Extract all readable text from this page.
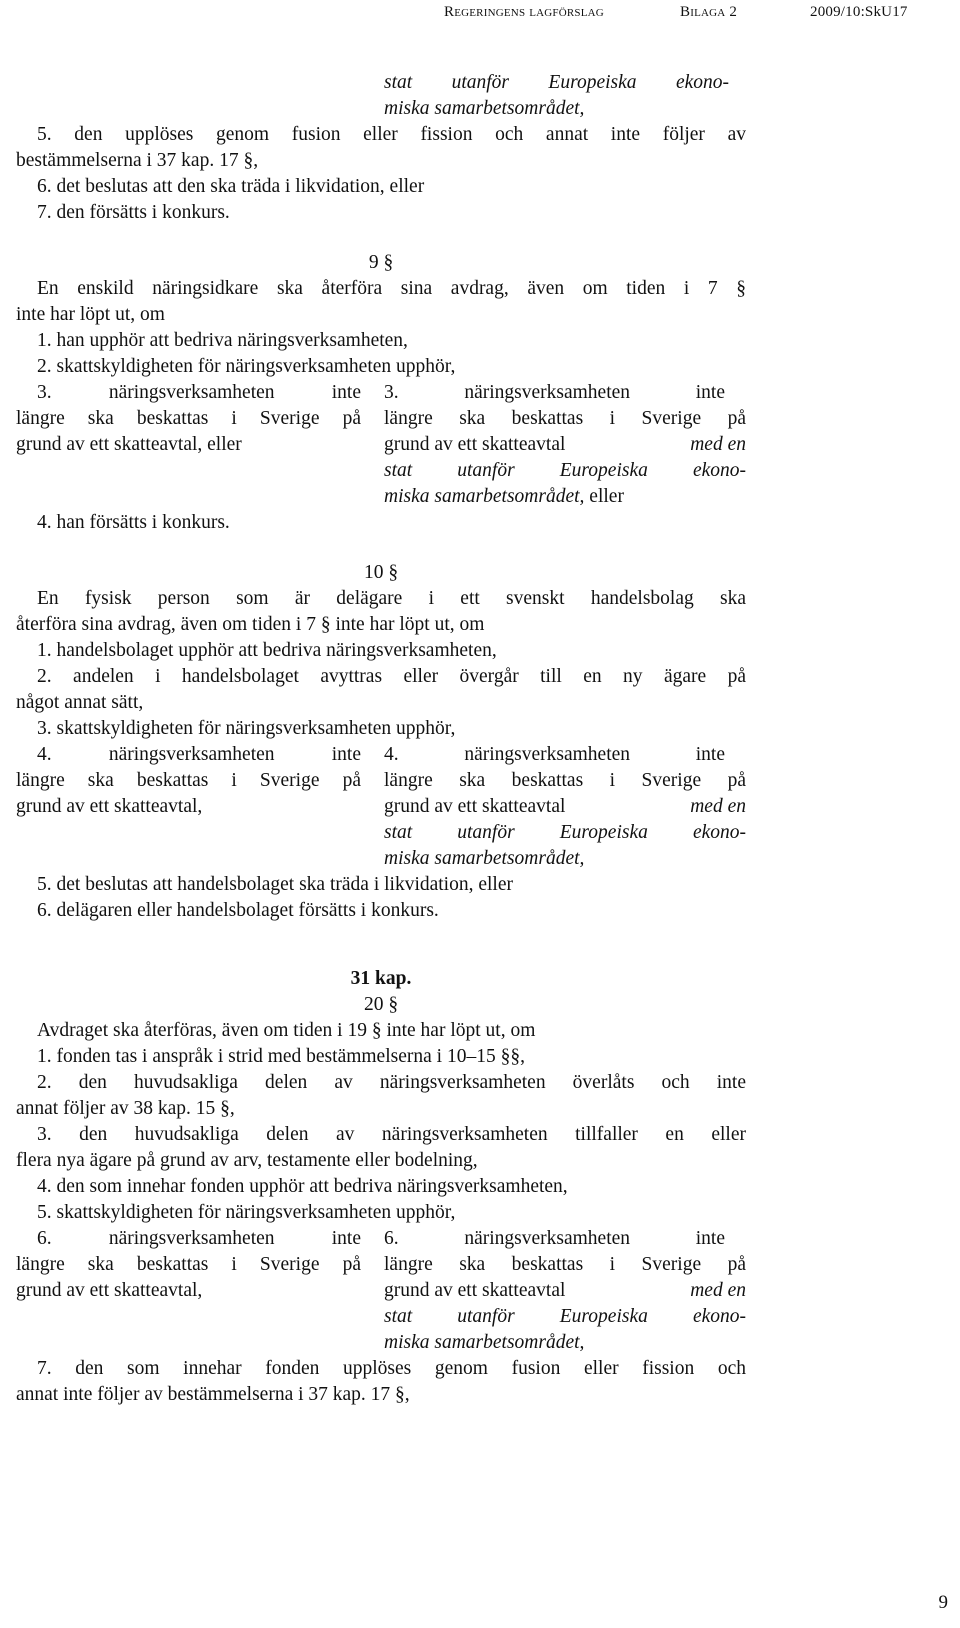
Regeringens lagförslag	Bilaga 2	2009/10:SkU17
stat utanför Europeiska ekono-
miska samarbetsområdet,
5. den upplöses genom fusion eller fission och annat inte följer av
bestämmelserna i 37 kap. 17 §,
6. det beslutas att den ska träda i likvidation, eller
7. den försätts i konkurs.
9 §
En enskild näringsidkare ska återföra sina avdrag, även om tiden i 7 §
inte har löpt ut, om
1. han upphör att bedriva näringsverksamheten,
2. skattskyldigheten för näringsverksamheten upphör,
3. näringsverksamheten inte
längre ska beskattas i Sverige på
grund av ett skatteavtal, eller
3. näringsverksamheten inte
längre ska beskattas i Sverige på
grund av ett skatteavtal	med en
stat utanför Europeiska ekono-
miska samarbetsområdet, eller
4. han försätts i konkurs.
10 §
En fysisk person som är delägare i ett svenskt handelsbolag ska
återföra sina avdrag, även om tiden i 7 § inte har löpt ut, om
1. handelsbolaget upphör att bedriva näringsverksamheten,
2. andelen i handelsbolaget avyttras eller övergår till en ny ägare på
något annat sätt,
3. skattskyldigheten för näringsverksamheten upphör,
4. näringsverksamheten inte
längre ska beskattas i Sverige på
grund av ett skatteavtal,
4. näringsverksamheten inte
längre ska beskattas i Sverige på
grund av ett skatteavtal	med en
stat utanför Europeiska ekono-
miska samarbetsområdet,
5. det beslutas att handelsbolaget ska träda i likvidation, eller
6. delägaren eller handelsbolaget försätts i konkurs.
31 kap.
20 §
Avdraget ska återföras, även om tiden i 19 § inte har löpt ut, om
1. fonden tas i anspråk i strid med bestämmelserna i 10–15 §§,
2. den huvudsakliga delen av näringsverksamheten överlåts och inte
annat följer av 38 kap. 15 §,
3. den huvudsakliga delen av näringsverksamheten tillfaller en eller
flera nya ägare på grund av arv, testamente eller bodelning,
4. den som innehar fonden upphör att bedriva näringsverksamheten,
5. skattskyldigheten för näringsverksamheten upphör,
6. näringsverksamheten inte
längre ska beskattas i Sverige på
grund av ett skatteavtal,
6. näringsverksamheten inte
längre ska beskattas i Sverige på
grund av ett skatteavtal	med en
stat utanför Europeiska ekono-
miska samarbetsområdet,
7. den som innehar fonden upplöses genom fusion eller fission och
annat inte följer av bestämmelserna i 37 kap. 17 §,
9
